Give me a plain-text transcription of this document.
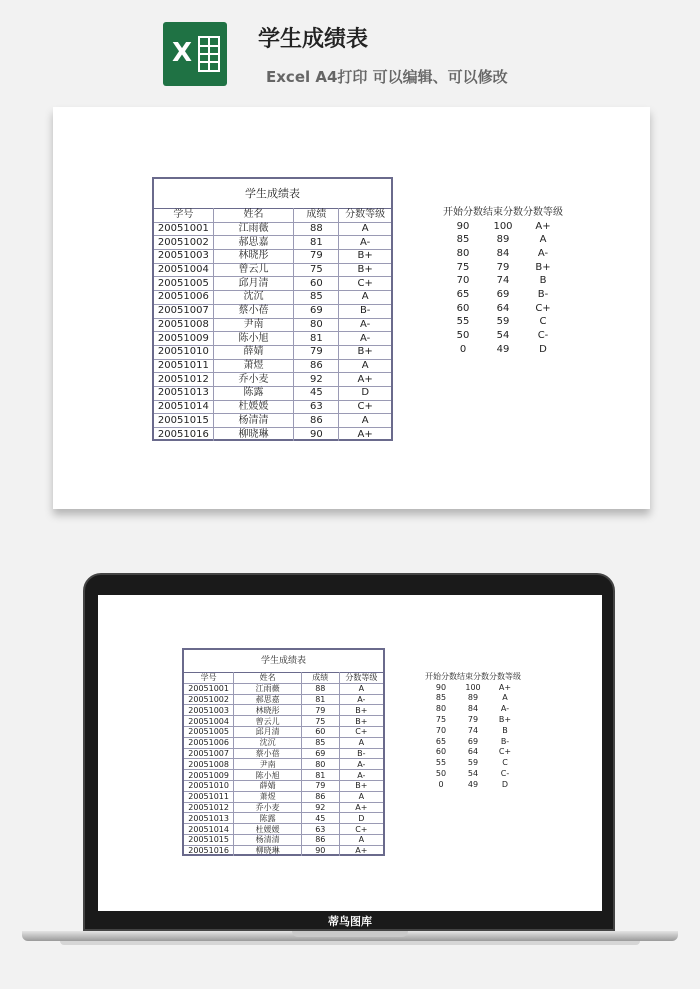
X	学生成绩表
Excel A4打印 可以编辑、可以修改
学生成绩表
学号	姓名	成绩	分数等级
20051001	江雨薇	88	A
20051002	郝思嘉	81	A-
20051003	林晓彤	79	B+
20051004	曾云儿	75	B+
20051005	邱月清	60	C+
20051006	沈沉	85	A
20051007	蔡小蓓	69	B-
20051008	尹南	80	A-
20051009	陈小旭	81	A-
20051010	薛婧	79	B+
20051011	萧煜	86	A
20051012	乔小麦	92	A+
20051013	陈露	45	D
20051014	杜媛媛	63	C+
20051015	杨清清	86	A
20051016	柳晓琳	90	A+
开始分数	结束分数	分数等级
90	100	A+
85	89	A
80	84	A-
75	79	B+
70	74	B
65	69	B-
60	64	C+
55	59	C
50	54	C-
0	49	D
学生成绩表
学号	姓名	成绩	分数等级
20051001	江雨薇	88	A
20051002	郝思嘉	81	A-
20051003	林晓彤	79	B+
20051004	曾云儿	75	B+
20051005	邱月清	60	C+
20051006	沈沉	85	A
20051007	蔡小蓓	69	B-
20051008	尹南	80	A-
20051009	陈小旭	81	A-
20051010	薛婧	79	B+
20051011	萧煜	86	A
20051012	乔小麦	92	A+
20051013	陈露	45	D
20051014	杜媛媛	63	C+
20051015	杨清清	86	A
20051016	柳晓琳	90	A+
开始分数	结束分数	分数等级
90	100	A+
85	89	A
80	84	A-
75	79	B+
70	74	B
65	69	B-
60	64	C+
55	59	C
50	54	C-
0	49	D
蒂鸟图库
